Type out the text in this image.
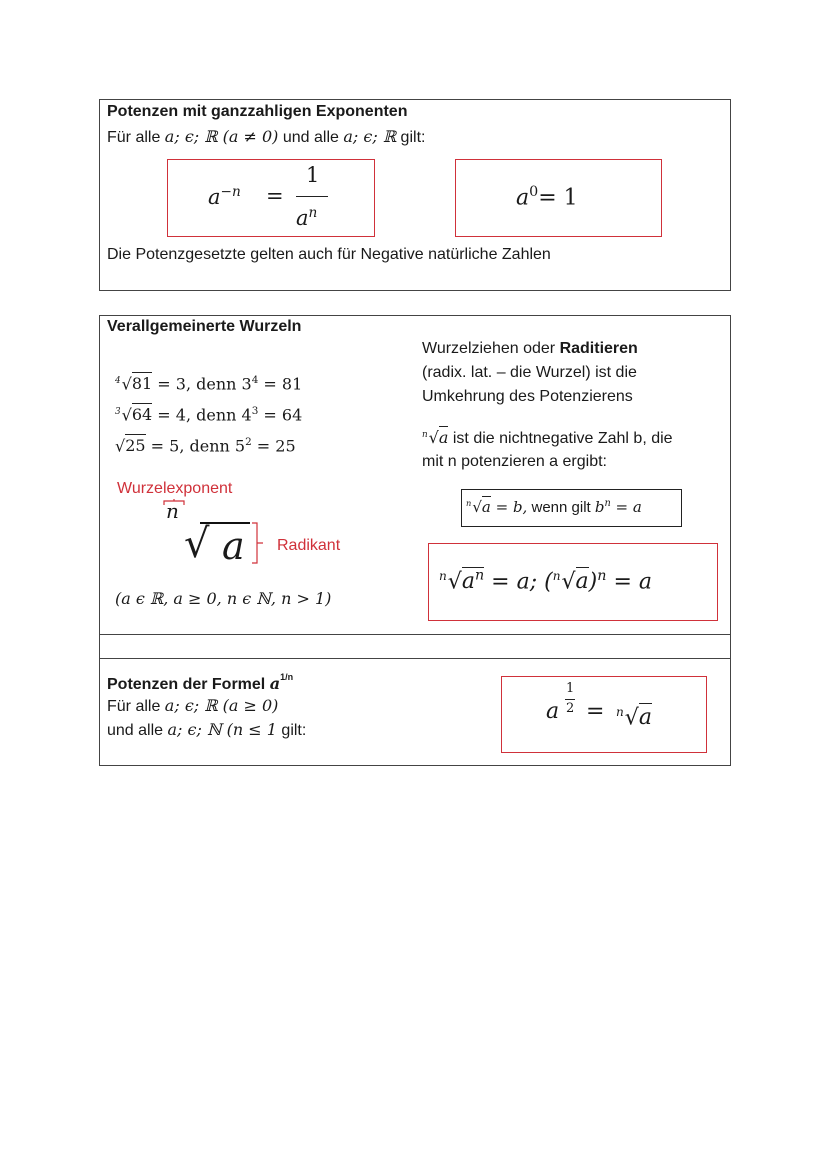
Potenzen mit ganzzahligen Exponenten
Für alle a; ϵ; ℝ (a ≠ 0) und alle a; ϵ; ℝ gilt:
$a^{-n}$ =
1
$a^n$
$a^0= 1$
Die Potenzgesetzte gelten auch für Negative natürliche Zahlen
Verallgemeinerte Wurzeln
$^4$√81 = 3, denn $3^4 = 81$
$^3$√64 = 4, denn $4^3 = 64$
√25 = 5, denn $5^2 = 25$
Wurzelexponent
n
√ a Radikant
(a ϵ ℝ, a ≥ 0, n ϵ ℕ, n > 1)
Wurzelziehen oder Raditieren
(radix. lat. – die Wurzel) ist die
Umkehrung des Potenzierens
$^n$√a ist die nichtnegative Zahl b, die
mit n potenzieren a ergibt:
$^n$√a = b, wenn gilt $b^n = a$
$^n√a^n = a$; $(^n√a)^n = a$
Potenzen der Formel $a^{1/n}$
Für alle a; ϵ; ℝ (a ≥ 0)
und alle a; ϵ; ℕ (n ≤ 1 gilt:
a
1
2 = $^n$√a
